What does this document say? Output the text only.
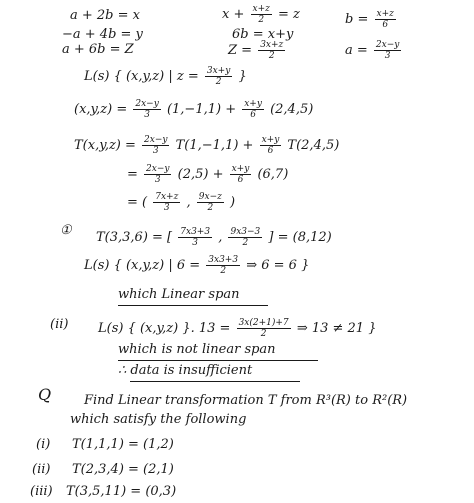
a + 2b = x	$x + \frac{x+z}{2} = z$	$b = \frac{x+z}{6}$
−a + 4b = y	6b = x+y
a + 6b = Z	$Z = \frac{3x+z}{2}$	$a = \frac{2x-y}{3}$
L(s) { (x,y,z) | $z = \frac{3x+y}{2}$ }
$(x,y,z) = \frac{2x-y}{3} (1,-1,1) + \frac{x+y}{6} (2,4,5)$
$T(x,y,z) = \frac{2x-y}{3} T(1,-1,1) + \frac{x+y}{6} T(2,4,5)$
= $\frac{2x-y}{3} (2,5) + \frac{x+y}{6} (6,7)$
= ( $\frac{7x+z}{3}$ , $\frac{9x-z}{2}$ )
① T(3,3,6) = [ $\frac{7x3+3}{3}$ , $\frac{9x3-3}{2}$ ] = (8,12)
L(s) { (x,y,z) | $6 = \frac{3x3+3}{2}$ ⇒ 6 = 6 }
which Linear span
(ii) L(s) { (x,y,z) }. $13 = \frac{3x(2+1)+7}{2}$ ⇒ 13 ≠ 21 }
which is not linear span
∴ data is insufficient
Q	Find Linear transformation T from R³(R) to R²(R)
which satisfy the following
(i) T(1,1,1) = (1,2)
(ii) T(2,3,4) = (2,1)
(iii) T(3,5,11) = (0,3)
